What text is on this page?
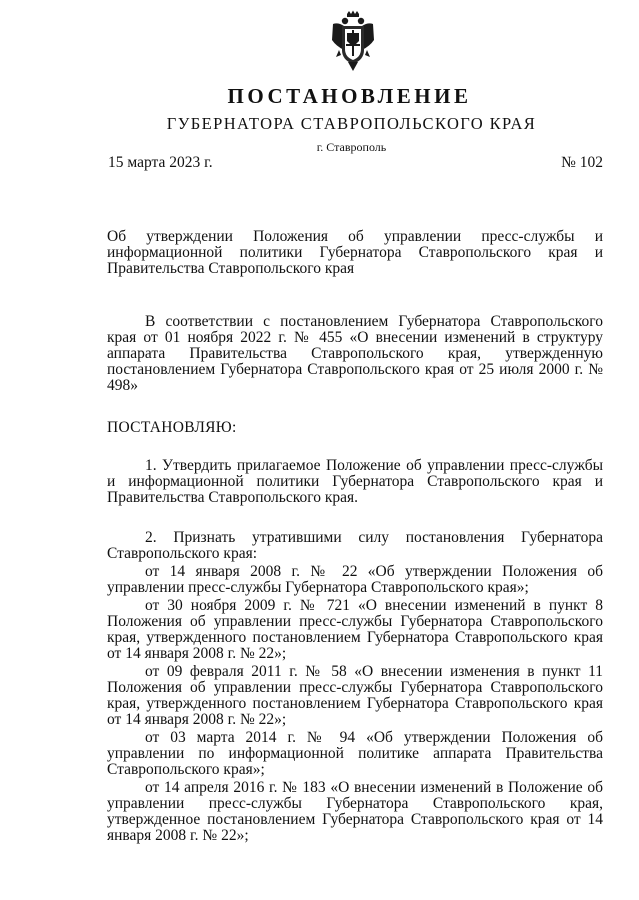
ПОСТАНОВЛЕНИЕ
ГУБЕРНАТОРА СТАВРОПОЛЬСКОГО КРАЯ
г. Ставрополь
15 марта 2023 г.	№ 102

Об утверждении Положения об управлении пресс-службы и информационной политики Губернатора Ставропольского края и Правительства Ставропольского края

В соответствии с постановлением Губернатора Ставропольского края от 01 ноября 2022 г. № 455 «О внесении изменений в структуру аппарата Правительства Ставропольского края, утвержденную постановлением Губернатора Ставропольского края от 25 июля 2000 г. № 498»

ПОСТАНОВЛЯЮ:

1. Утвердить прилагаемое Положение об управлении пресс-службы и информационной политики Губернатора Ставропольского края и Правительства Ставропольского края.

2. Признать утратившими силу постановления Губернатора Ставропольского края:

от 14 января 2008 г. № 22 «Об утверждении Положения об управлении пресс-службы Губернатора Ставропольского края»;

от 30 ноября 2009 г. № 721 «О внесении изменений в пункт 8 Положения об управлении пресс-службы Губернатора Ставропольского края, утвержденного постановлением Губернатора Ставропольского края от 14 января 2008 г. № 22»;

от 09 февраля 2011 г. № 58 «О внесении изменения в пункт 11 Положения об управлении пресс-службы Губернатора Ставропольского края, утвержденного постановлением Губернатора Ставропольского края от 14 января 2008 г. № 22»;

от 03 марта 2014 г. № 94 «Об утверждении Положения об управлении по информационной политике аппарата Правительства Ставропольского края»;

от 14 апреля 2016 г. № 183 «О внесении изменений в Положение об управлении пресс-службы Губернатора Ставропольского края, утвержденное постановлением Губернатора Ставропольского края от 14 января 2008 г. № 22»;
